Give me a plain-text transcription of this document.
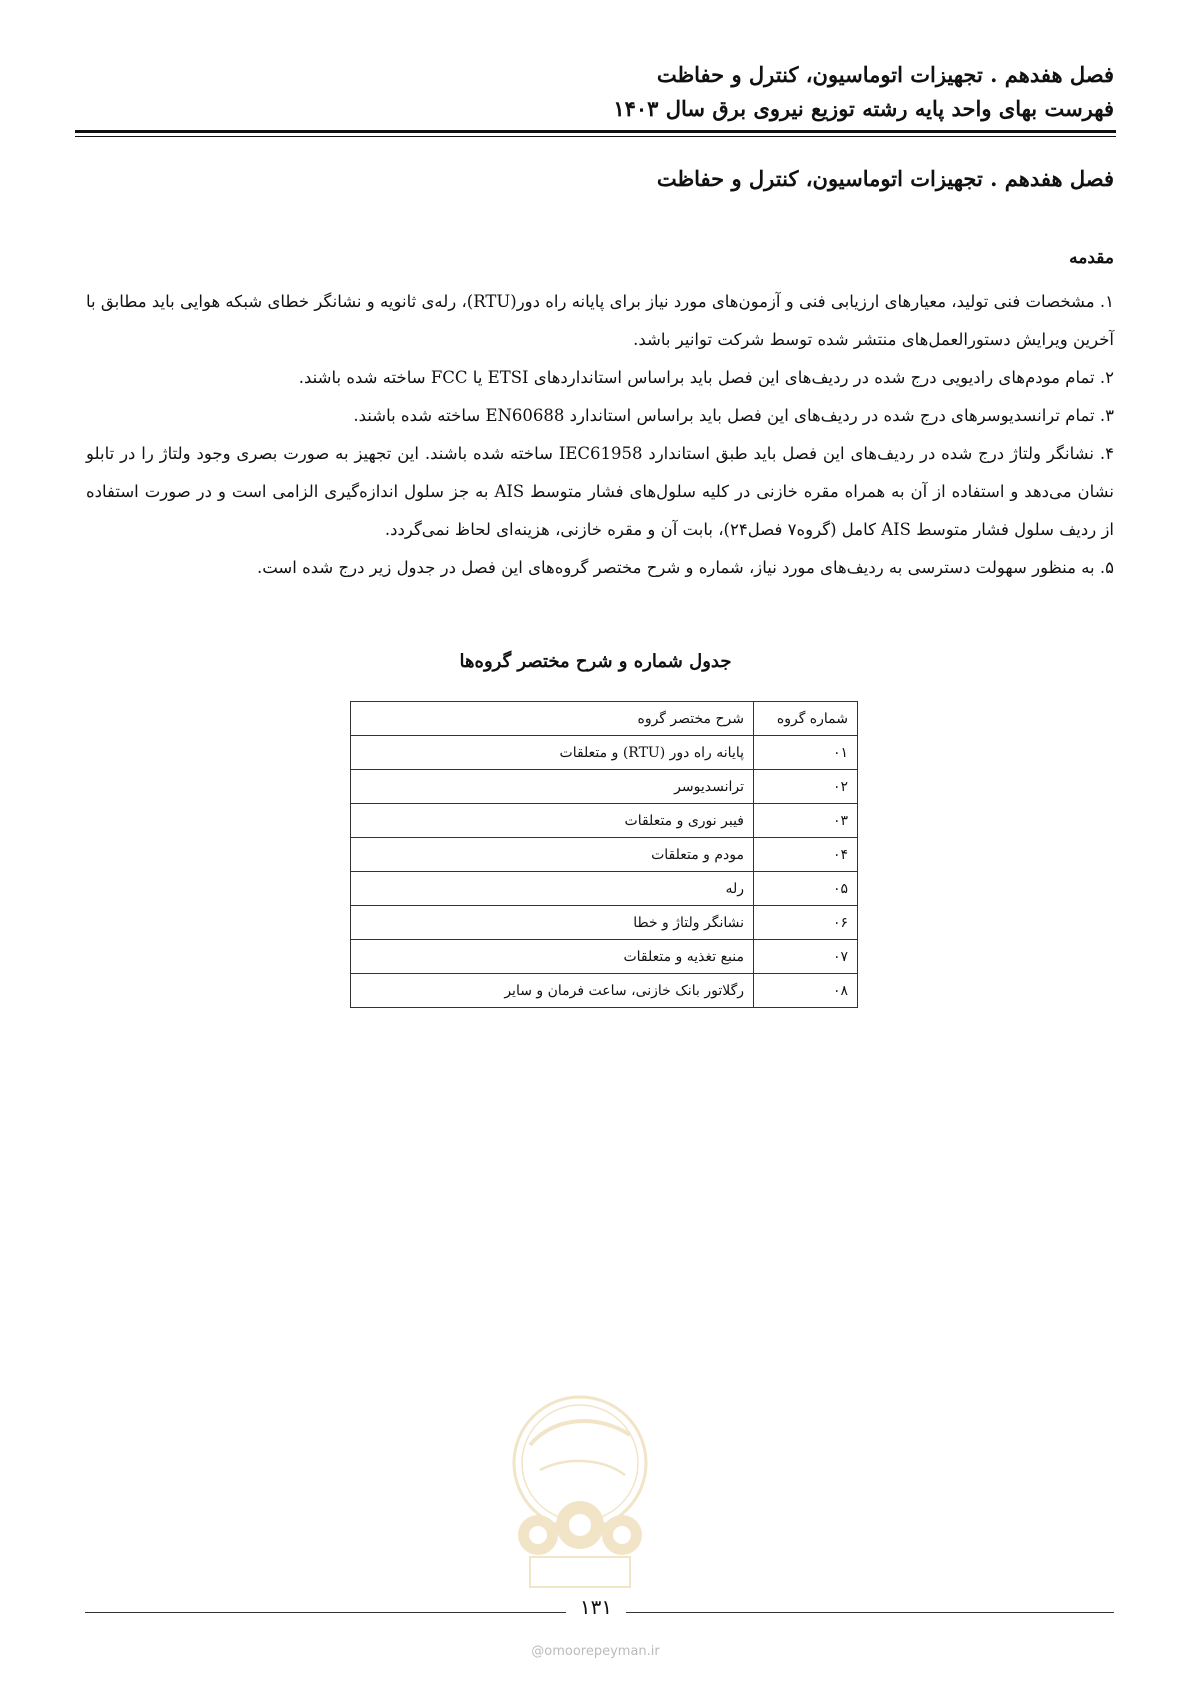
فصل هفدهم . تجهیزات اتوماسیون، کنترل و حفاظت
فهرست بهای واحد پایه رشته توزیع نیروی برق سال ۱۴۰۳
فصل هفدهم . تجهیزات اتوماسیون، کنترل و حفاظت
مقدمه

۱. مشخصات فنی تولید، معیارهای ارزیابی فنی و آزمون‌های مورد نیاز برای پایانه راه دور(RTU)، رله‌ی ثانویه و نشانگر خطای شبکه هوایی باید مطابق با آخرین ویرایش دستورالعمل‌های منتشر شده توسط شرکت توانیر باشد.

۲. تمام مودم‌های رادیویی درج شده در ردیف‌های این فصل باید براساس استانداردهای ETSI یا FCC ساخته شده باشند.

۳. تمام ترانسدیوسرهای درج شده در ردیف‌های این فصل باید براساس استاندارد EN60688 ساخته شده باشند.

۴. نشانگر ولتاژ درج شده در ردیف‌های این فصل باید طبق استاندارد IEC61958 ساخته شده باشند. این تجهیز به صورت بصری وجود ولتاژ را در تابلو نشان می‌دهد و استفاده از آن به همراه مقره خازنی در کلیه سلول‌های فشار متوسط AIS به جز سلول اندازه‌گیری الزامی است و در صورت استفاده از ردیف سلول فشار متوسط AIS کامل (گروه۷ فصل۲۴)، بابت آن و مقره خازنی، هزینه‌ای لحاظ نمی‌گردد.

۵. به منظور سهولت دسترسی به ردیف‌های مورد نیاز، شماره و شرح مختصر گروه‌های این فصل در جدول زیر درج شده است.

جدول شماره و شرح مختصر گروه‌ها
شماره گروه	شرح مختصر گروه
۰۱	پایانه راه دور (RTU) و متعلقات
۰۲	ترانسدیوسر
۰۳	فیبر نوری و متعلقات
۰۴	مودم و متعلقات
۰۵	رله
۰۶	نشانگر ولتاژ و خطا
۰۷	منبع تغذیه و متعلقات
۰۸	رگلاتور بانک خازنی، ساعت فرمان و سایر
۱۳۱
@omoorepeyman.ir
